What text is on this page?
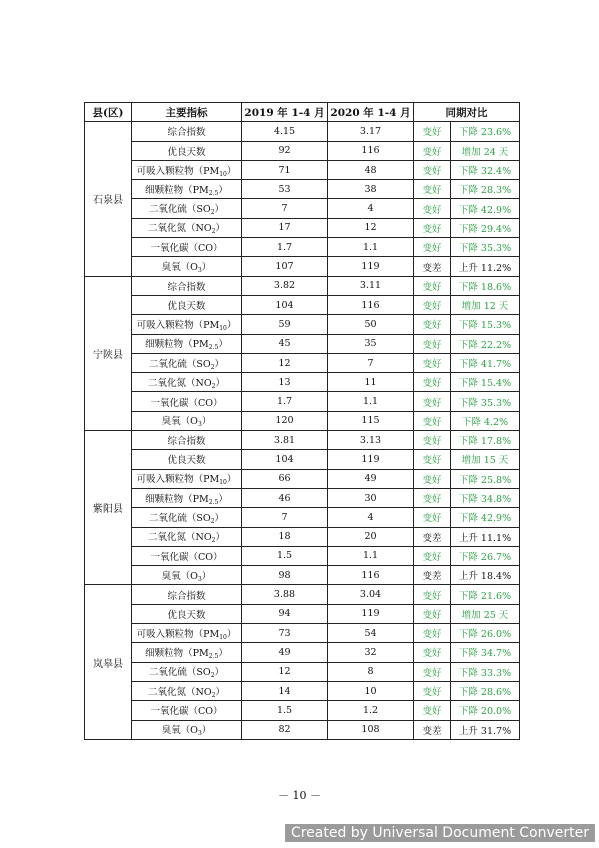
县(区)	主要指标	2019 年 1-4 月	2020 年 1-4 月	同期对比	
石泉县	综合指数	4.15	3.17	变好	下降 23.6%
	优良天数	92	116	变好	增加 24 天
	可吸入颗粒物$(PM_{10})$	71	48	变好	下降 32.4%
	细颗粒物$(PM_{2.5})$	53	38	变好	下降 28.3%
	二氧化硫$(SO_2)$	7	4	变好	下降 42.9%
	二氧化氮$(NO_2)$	17	12	变好	下降 29.4%
	一氧化碳（CO）	1.7	1.1	变好	下降 35.3%
	臭氧$(O_3)$	107	119	变差	上升 11.2%
宁陕县	综合指数	3.82	3.11	变好	下降 18.6%
	优良天数	104	116	变好	增加 12 天
	可吸入颗粒物$(PM_{10})$	59	50	变好	下降 15.3%
	细颗粒物$(PM_{2.5})$	45	35	变好	下降 22.2%
	二氧化硫$(SO_2)$	12	7	变好	下降 41.7%
	二氧化氮$(NO_2)$	13	11	变好	下降 15.4%
	一氧化碳（CO）	1.7	1.1	变好	下降 35.3%
	臭氧$(O_3)$	120	115	变好	下降 4.2%
紫阳县	综合指数	3.81	3.13	变好	下降 17.8%
	优良天数	104	119	变好	增加 15 天
	可吸入颗粒物$(PM_{10})$	66	49	变好	下降 25.8%
	细颗粒物$(PM_{2.5})$	46	30	变好	下降 34.8%
	二氧化硫$(SO_2)$	7	4	变好	下降 42.9%
	二氧化氮$(NO_2)$	18	20	变差	上升 11.1%
	一氧化碳（CO）	1.5	1.1	变好	下降 26.7%
	臭氧$(O_3)$	98	116	变差	上升 18.4%
岚皋县	综合指数	3.88	3.04	变好	下降 21.6%
	优良天数	94	119	变好	增加 25 天
	可吸入颗粒物$(PM_{10})$	73	54	变好	下降 26.0%
	细颗粒物$(PM_{2.5})$	49	32	变好	下降 34.7%
	二氧化硫$(SO_2)$	12	8	变好	下降 33.3%
	二氧化氮$(NO_2)$	14	10	变好	下降 28.6%
	一氧化碳（CO）	1.5	1.2	变好	下降 20.0%
	臭氧$(O_3)$	82	108	变差	上升 31.7%
－ 10 －
Created by Universal Document Converter
